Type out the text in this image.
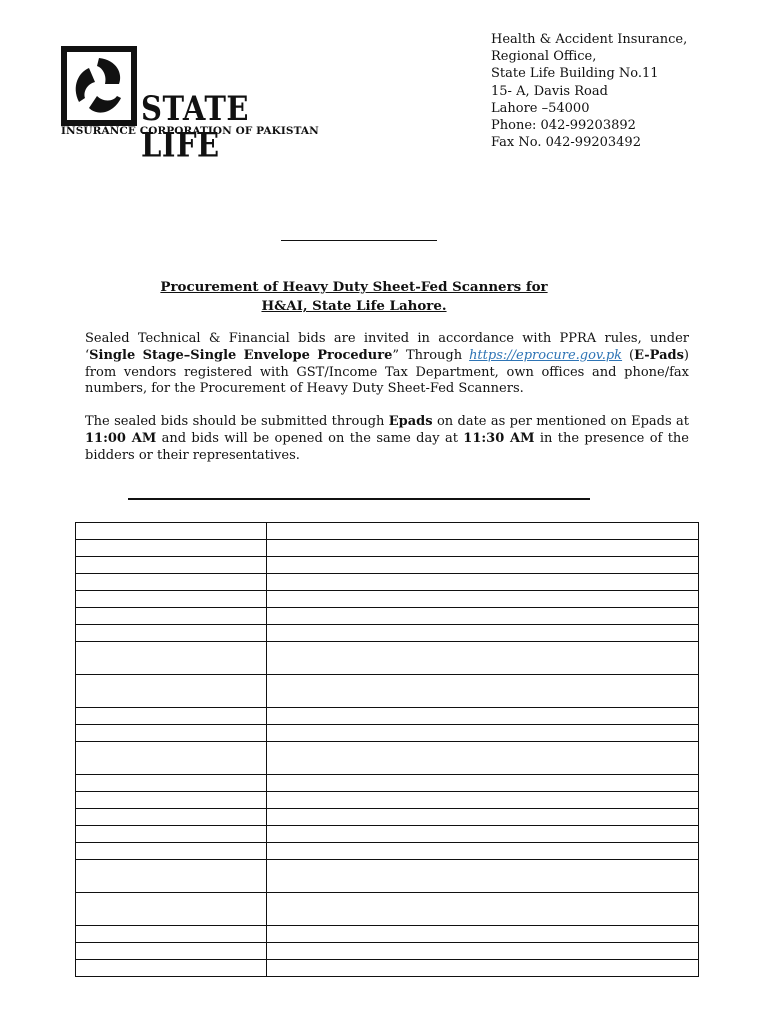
STATE LIFE
INSURANCE CORPORATION OF PAKISTAN
Health & Accident Insurance,
Regional Office,
State Life Building No.11
15- A, Davis Road
Lahore –54000
Phone: 042-99203892
Fax No. 042-99203492
Procurement of Heavy Duty Sheet-Fed Scanners for
H&AI, State Life Lahore.
Sealed Technical & Financial bids are invited in accordance with PPRA rules, under ‘Single Stage–Single Envelope Procedure” Through https://eprocure.gov.pk (E-Pads) from vendors registered with GST/Income Tax Department, own offices and phone/fax numbers, for the Procurement of Heavy Duty Sheet-Fed Scanners.
The sealed bids should be submitted through Epads on date as per mentioned on Epads at 11:00 AM and bids will be opened on the same day at 11:30 AM in the presence of the bidders or their representatives.
